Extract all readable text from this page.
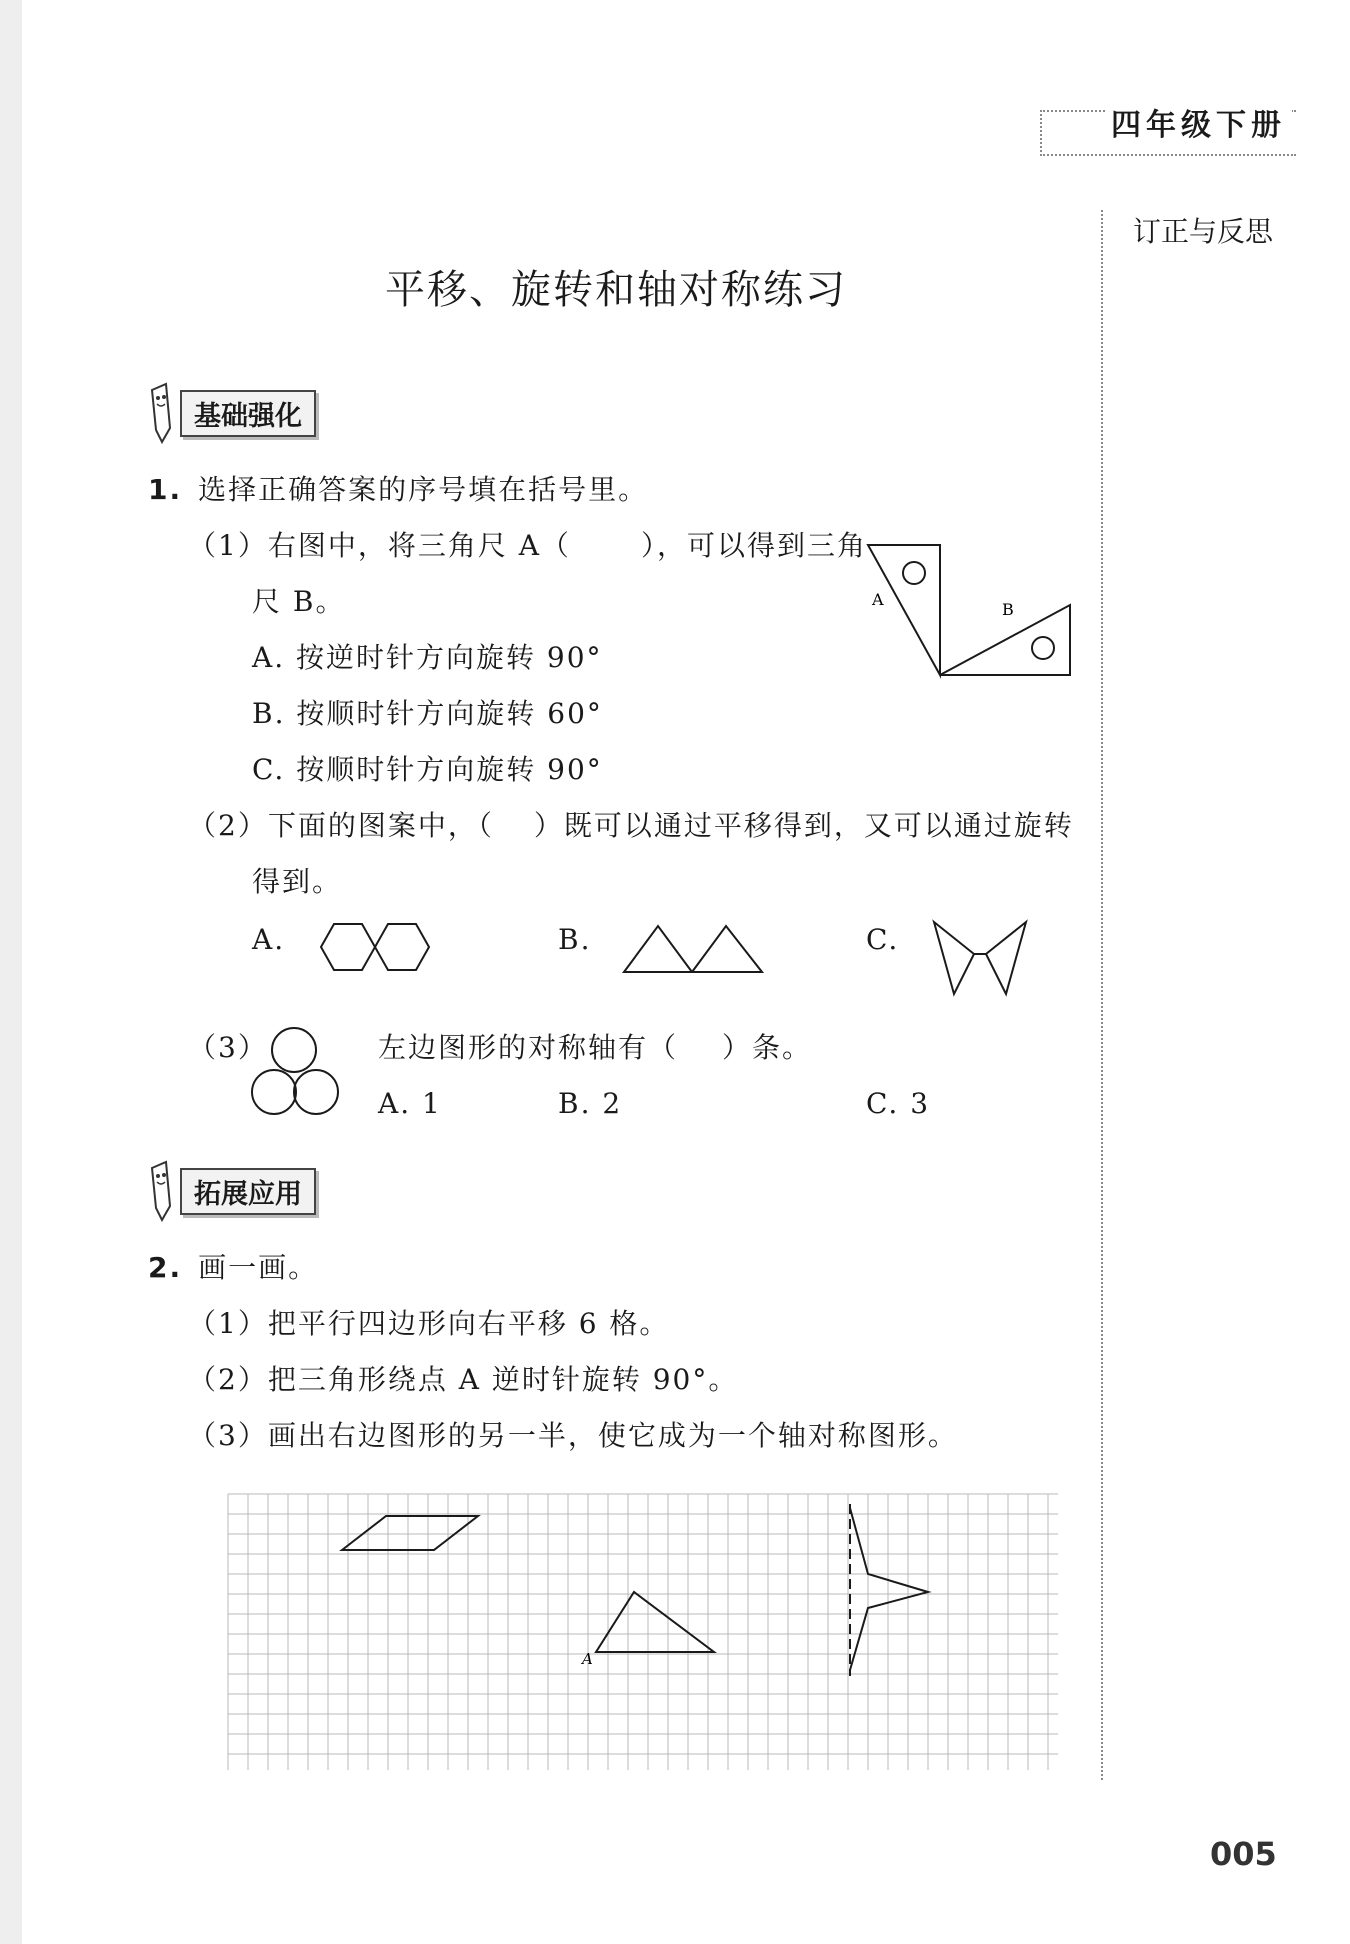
四年级下册
订正与反思
平移、旋转和轴对称练习
基础强化
1. 选择正确答案的序号填在括号里。
（1）右图中，将三角尺 A（	），可以得到三角
尺 B。
A. 按逆时针方向旋转 90°
B. 按顺时针方向旋转 60°
C. 按顺时针方向旋转 90°
A
B
（2）下面的图案中，（ ）既可以通过平移得到，又可以通过旋转
得到。
A.	B.	C.
（3）	左边图形的对称轴有（ ）条。
A. 1	B. 2	C. 3
拓展应用
2. 画一画。
（1）把平行四边形向右平移 6 格。
（2）把三角形绕点 A 逆时针旋转 90°。
（3）画出右边图形的另一半，使它成为一个轴对称图形。
A
005
